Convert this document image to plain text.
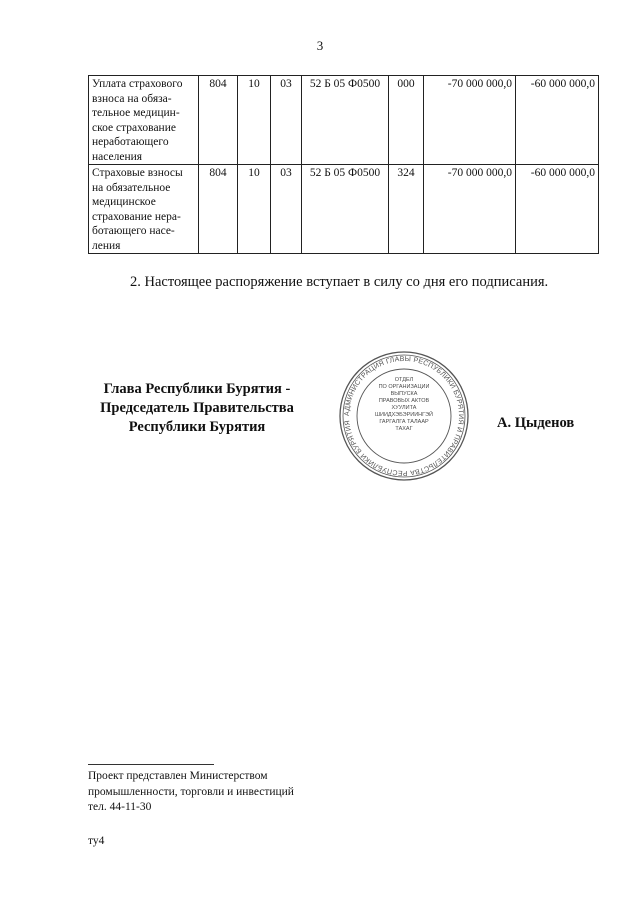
3
Уплата страхового взноса на обяза-тельное медицин-ское страхование неработающего населения	804	10	03	52 Б 05 Ф0500	000	-70 000 000,0	-60 000 000,0
Страховые взносы на обязательное медицинское страхование нера-ботающего насе-ления	804	10	03	52 Б 05 Ф0500	324	-70 000 000,0	-60 000 000,0
2. Настоящее распоряжение вступает в силу со дня его подписания.
Глава Республики Бурятия -
Председатель Правительства
Республики Бурятия
АДМИНИСТРАЦИЯ ГЛАВЫ РЕСПУБЛИКИ БУРЯТИЯ И ПРАВИТЕЛЬСТВА РЕСПУБЛИКИ БУРЯТИЯ
ОТДЕЛ
ПО ОРГАНИЗАЦИИ
ВЫПУСКА
ПРАВОВЫХ АКТОВ
ХУУЛИТА
ШИИДХЭБЭРИИНГЭЙ
ГАРГАЛГА ТАЛААР
ТАХАГ	А. Цыденов
Проект представлен Министерством
промышленности, торговли и инвестиций
тел. 44-11-30
ту4
